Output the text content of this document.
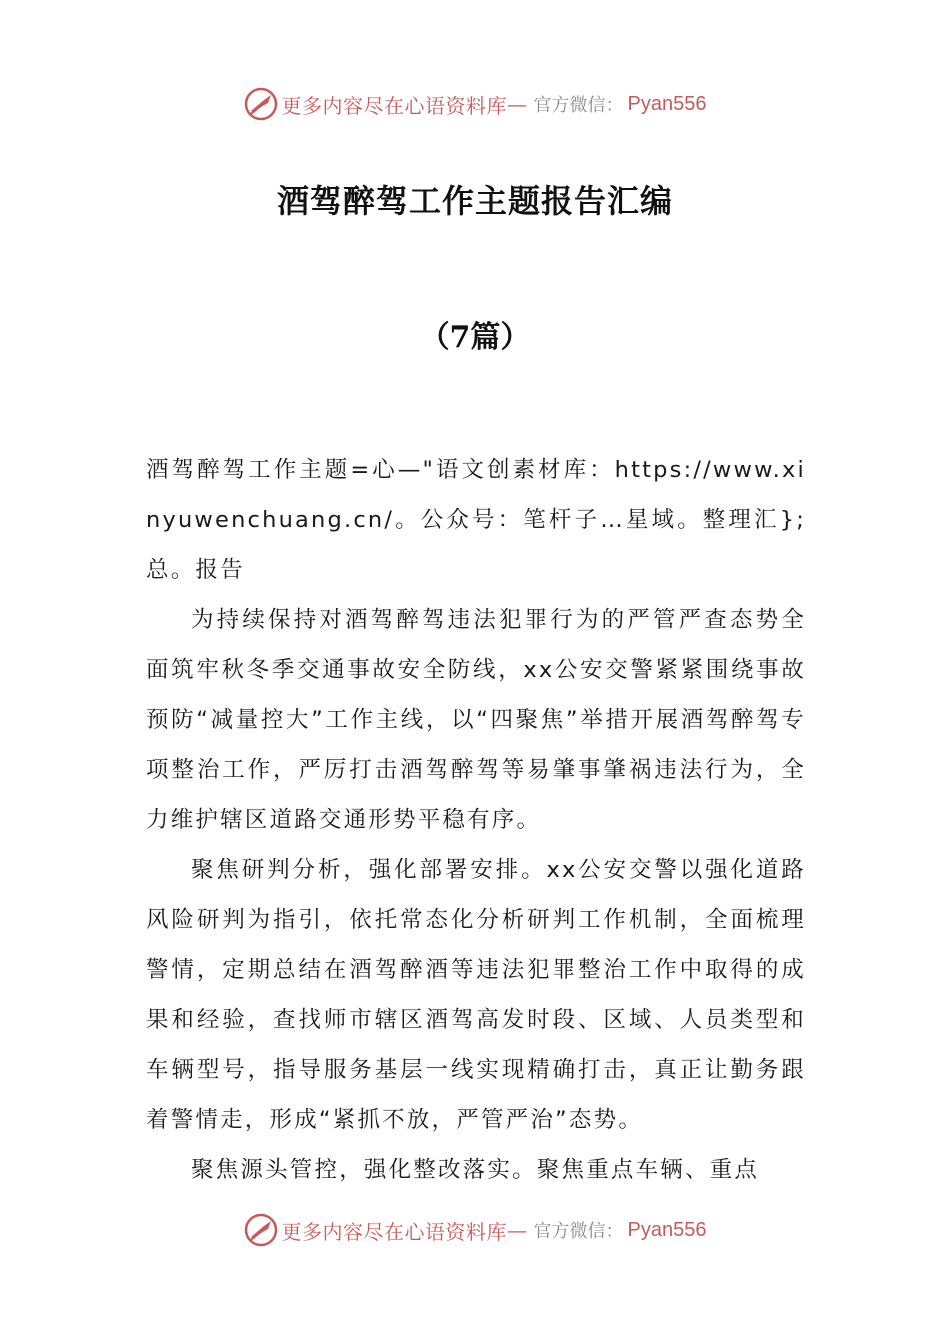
更多内容尽在心语资料库 — 官方微信： Pyan556
酒驾醉驾工作主题报告汇编
（7篇）

酒驾醉驾工作主题=心—"语文创素材库：https://www.xinyuwenchuang.cn/。公众号：笔杆子…星域。整理汇};总。报告

为持续保持对酒驾醉驾违法犯罪行为的严管严查态势全面筑牢秋冬季交通事故安全防线，xx公安交警紧紧围绕事故预防“减量控大”工作主线，以“四聚焦”举措开展酒驾醉驾专项整治工作，严厉打击酒驾醉驾等易肇事肇祸违法行为，全力维护辖区道路交通形势平稳有序。

聚焦研判分析，强化部署安排。xx公安交警以强化道路风险研判为指引，依托常态化分析研判工作机制，全面梳理警情，定期总结在酒驾醉酒等违法犯罪整治工作中取得的成果和经验，查找师市辖区酒驾高发时段、区域、人员类型和车辆型号，指导服务基层一线实现精确打击，真正让勤务跟着警情走，形成“紧抓不放，严管严治”态势。

聚焦源头管控，强化整改落实。聚焦重点车辆、重点

更多内容尽在心语资料库 — 官方微信： Pyan556
